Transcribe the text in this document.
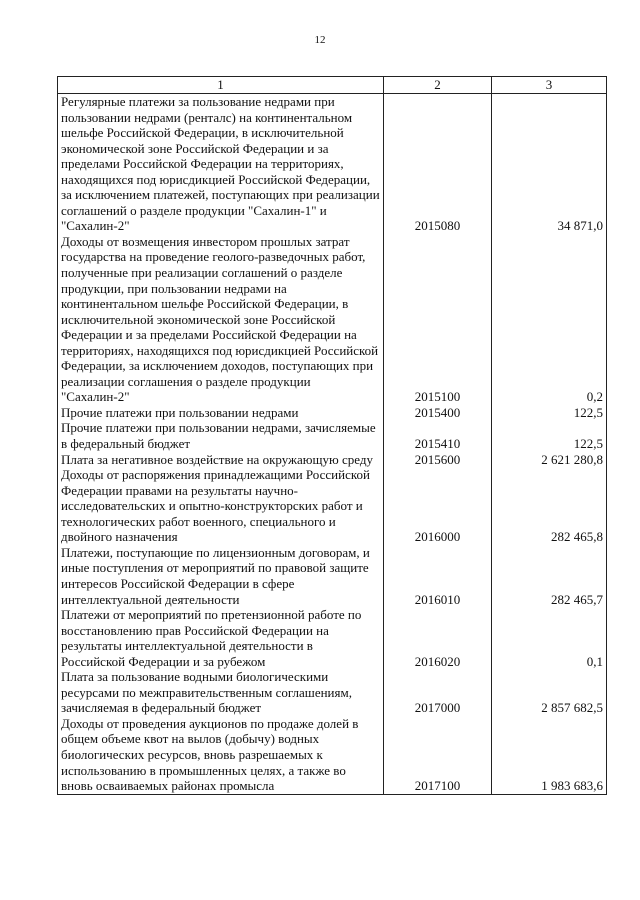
12
1	2	3
Регулярные платежи за пользование недрами при пользовании недрами (ренталс) на континентальном шельфе Российской Федерации, в исключительной экономической зоне Российской Федерации и за пределами Российской Федерации на территориях, находящихся под юрисдикцией Российской Федерации, за исключением платежей, поступающих при реализации соглашений о разделе продукции "Сахалин-1" и "Сахалин-2"	2015080	34 871,0
Доходы от возмещения инвестором прошлых затрат государства на проведение геолого-разведочных работ, полученные при реализации соглашений о разделе продукции, при пользовании недрами на континентальном шельфе Российской Федерации, в исключительной экономической зоне Российской Федерации и за пределами Российской Федерации на территориях, находящихся под юрисдикцией Российской Федерации, за исключением доходов, поступающих при реализации соглашения о разделе продукции "Сахалин-2"	2015100	0,2
Прочие платежи при пользовании недрами	2015400	122,5
Прочие платежи при пользовании недрами, зачисляемые в федеральный бюджет	2015410	122,5
Плата за негативное воздействие на окружающую среду	2015600	2 621 280,8
Доходы от распоряжения принадлежащими Российской Федерации правами на результаты научно-исследовательских и опытно-конструкторских работ и технологических работ военного, специального и двойного назначения	2016000	282 465,8
Платежи, поступающие по лицензионным договорам, и иные поступления от мероприятий по правовой защите интересов Российской Федерации в сфере интеллектуальной деятельности	2016010	282 465,7
Платежи от мероприятий по претензионной работе по восстановлению прав Российской Федерации на результаты интеллектуальной деятельности в Российской Федерации и за рубежом	2016020	0,1
Плата за пользование водными биологическими ресурсами по межправительственным соглашениям, зачисляемая в федеральный бюджет	2017000	2 857 682,5
Доходы от проведения аукционов по продаже долей в общем объеме квот на вылов (добычу) водных биологических ресурсов, вновь разрешаемых к использованию в промышленных целях, а также во вновь осваиваемых районах промысла	2017100	1 983 683,6
